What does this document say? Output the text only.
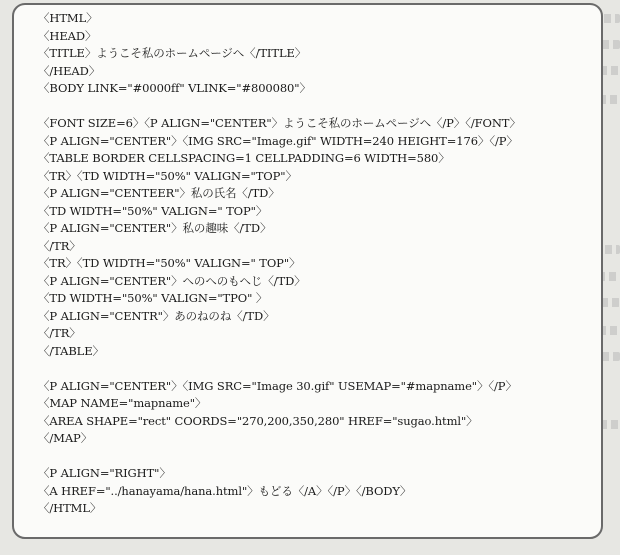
〈HTML〉
〈HEAD〉
〈TITLE〉ようこそ私のホームページへ〈/TITLE〉
〈/HEAD〉
〈BODY LINK="#0000ff" VLINK="#800080"〉
〈FONT SIZE=6〉〈P ALIGN="CENTER"〉ようこそ私のホームページへ〈/P〉〈/FONT〉
〈P ALIGN="CENTER"〉〈IMG SRC="Image.gif" WIDTH=240 HEIGHT=176〉〈/P〉
〈TABLE BORDER CELLSPACING=1 CELLPADDING=6 WIDTH=580〉
〈TR〉〈TD WIDTH="50%" VALIGN="TOP"〉
〈P ALIGN="CENTEER"〉私の氏名〈/TD〉
〈TD WIDTH="50%" VALIGN=" TOP"〉
〈P ALIGN="CENTER"〉私の趣味〈/TD〉
〈/TR〉
〈TR〉〈TD WIDTH="50%" VALIGN=" TOP"〉
〈P ALIGN="CENTER"〉へのへのもへじ〈/TD〉
〈TD WIDTH="50%" VALIGN="TPO" 〉
〈P ALIGN="CENTR"〉あのねのね〈/TD〉
〈/TR〉
〈/TABLE〉
〈P ALIGN="CENTER"〉〈IMG SRC="Image 30.gif" USEMAP="#mapname"〉〈/P〉
〈MAP NAME="mapname"〉
〈AREA SHAPE="rect" COORDS="270,200,350,280" HREF="sugao.html"〉
〈/MAP〉
〈P ALIGN="RIGHT"〉
〈A HREF="../hanayama/hana.html"〉もどる〈/A〉〈/P〉〈/BODY〉
〈/HTML〉
